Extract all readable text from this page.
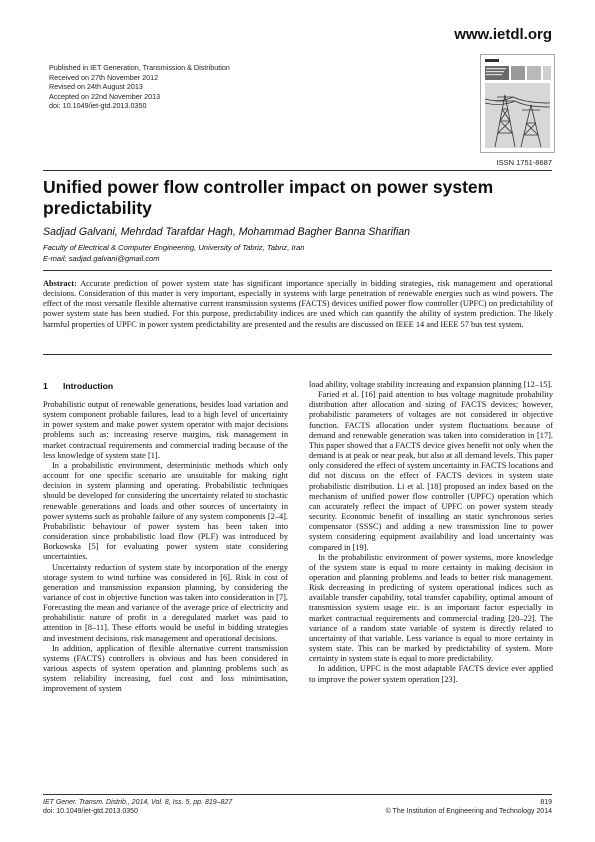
www.ietdl.org
Published in IET Generation, Transmission & Distribution
Received on 27th November 2012
Revised on 24th August 2013
Accepted on 22nd November 2013
doi: 10.1049/iet-gtd.2013.0350
ISSN 1751-8687
Unified power flow controller impact on power system predictability
Sadjad Galvani, Mehrdad Tarafdar Hagh, Mohammad Bagher Banna Sharifian
Faculty of Electrical & Computer Engineering, University of Tabriz, Tabriz, Iran
E-mail: sadjad.galvani@gmail.com
Abstract: Accurate prediction of power system state has significant importance specially in bidding strategies, risk management and operational decisions. Consideration of this matter is very important, especially in systems with large penetration of renewable energies such as wind powers. The effect of the most versatile flexible alternative current transmission systems (FACTS) devices unified power flow controller (UPFC) on predictability of power system state has been studied. For this purpose, predictability indices are used which can quantify the ability of system prediction. The likely harmful properties of UPFC in power system predictability are presented and the results are discussed on IEEE 14 and IEEE 57 bus test system.
1 Introduction

Probabilistic output of renewable generations, besides load variation and system component probable failures, lead to a high level of uncertainty in power system and make power system operator with major decisions problems such as: increasing reserve margins, risk management in market contractual requirements and commercial trading because of the less knowledge of system state [1].

In a probabilistic environment, deterministic methods which only account for one specific scenario are unsuitable for making right decision in system planning and operating. Probabilistic techniques should be developed for considering the uncertainty related to stochastic renewable generations and loads and other sources of uncertainty in power systems such as probable failure of any system components [2–4]. Probabilistic behaviour of power system has been taken into consideration since probabilistic load flow (PLF) was introduced by Borkowska [5] for evaluating power system state considering uncertainties.

Uncertainty reduction of system state by incorporation of the energy storage system to wind turbine was considered in [6]. Risk in cost of generation and transmission expansion planning, by considering the variance of cost in objective function was taken into consideration in [7]. Forecasting the mean and variance of the average price of electricity and probabilistic nature of profit in a deregulated market was paid to attention in [8–11]. These efforts would be useful in bidding strategies and investment decisions, risk management and operational decisions.

In addition, application of flexible alternative current transmission systems (FACTS) controllers is obvious and has been considered in various aspects of system operation and planning problems such as system reliability increasing, fuel cost and loss minimisation, improvement of system

load ability, voltage stability increasing and expansion planning [12–15].

Faried et al. [16] paid attention to bus voltage magnitude probability distribution after allocation and sizing of FACTS devices; however, probabilistic parameters of voltages are not considered in objective function. FACTS allocation under system fluctuations because of demand and renewable generation was taken into consideration in [17]. This paper showed that a FACTS device gives benefit not only when the demand is at peak or near peak, but also at all demand levels. This paper only considered the effect of system uncertainty in FACTS locations and did not discuss on the effect of FACTS devices in system state probabilistic distribution. Li et al. [18] proposed an index based on the mechanism of unified power flow controller (UPFC) operation which can accurately reflect the impact of UPFC on power system steady security. Economic benefit of installing an static synchronous series compensator (SSSC) and adding a new transmission line to power system considering equipment availability and load uncertainty was compared in [19].

In the probabilistic environment of power systems, more knowledge of the system state is equal to more certainty in making decision in operation and planning problems and leads to better risk management. Risk decreasing in predicting of system operational indices such as available transfer capability, total transfer capability, optimal amount of transmission system usage etc. is an important factor especially in market contractual requirements and commercial trading [20–22]. The variance of a random state variable of system is directly related to uncertainty of that variable. Less variance is equal to more certainty in system state. This can be marked by predictability of system. More certainty in system state is equal to more predictability.

In addition, UPFC is the most adaptable FACTS device ever applied to improve the power system operation [23].

IET Gener. Transm. Distrib., 2014, Vol. 8, Iss. 5, pp. 819–827
doi: 10.1049/iet-gtd.2013.0350
819
© The Institution of Engineering and Technology 2014
